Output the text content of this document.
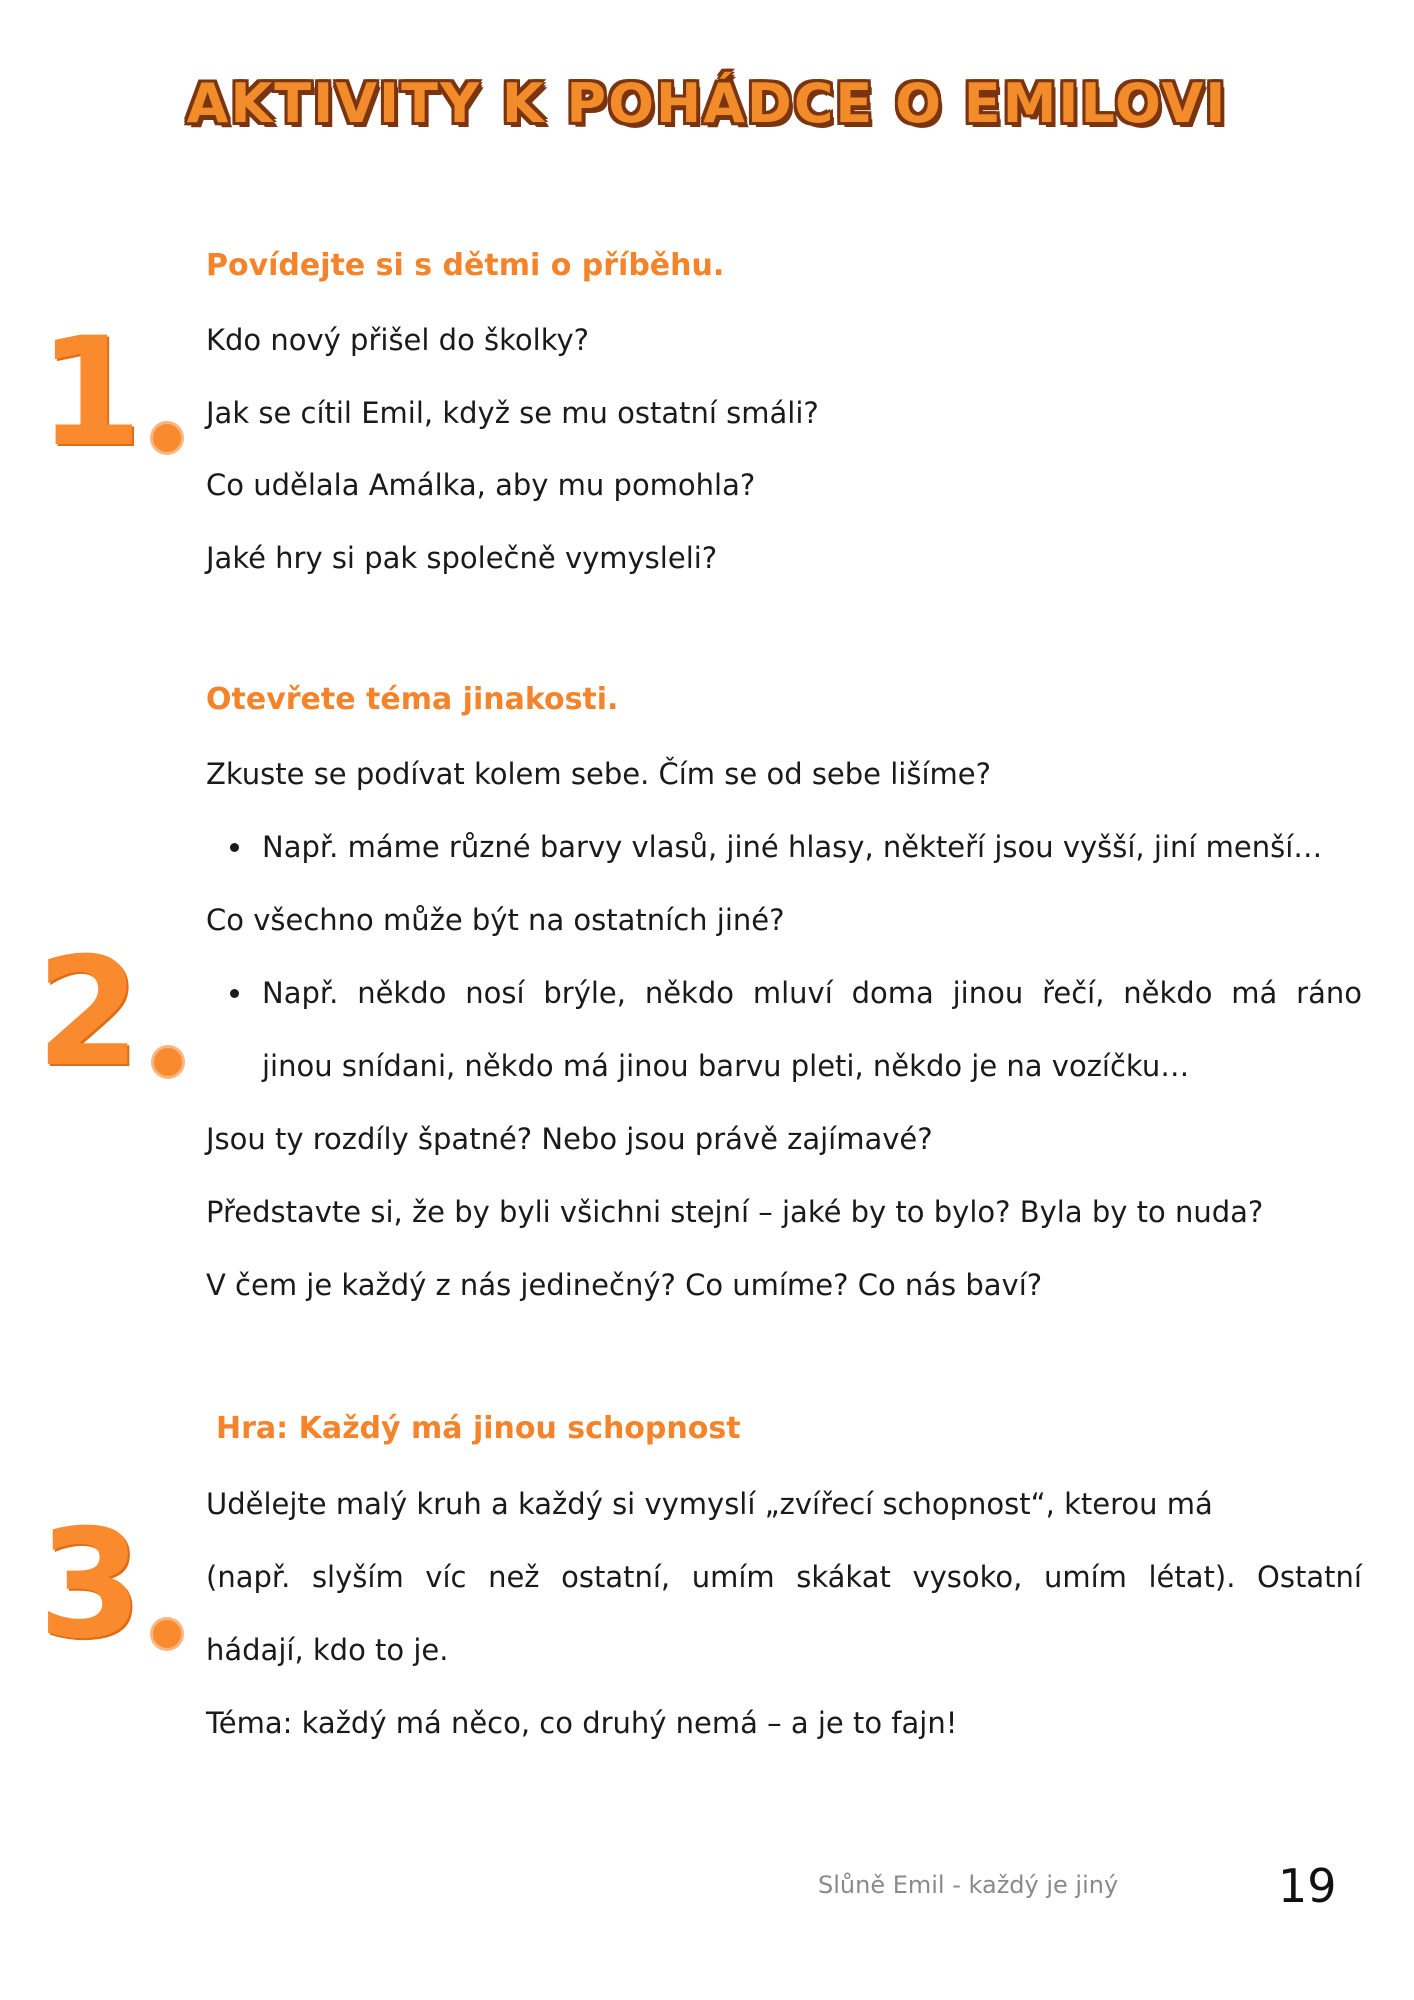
AKTIVITY K POHÁDCE O EMILOVI
1

Povídejte si s dětmi o příběhu.

Kdo nový přišel do školky?

Jak se cítil Emil, když se mu ostatní smáli?

Co udělala Amálka, aby mu pomohla?

Jaké hry si pak společně vymysleli?

2

Otevřete téma jinakosti.

Zkuste se podívat kolem sebe. Čím se od sebe lišíme?

Např. máme různé barvy vlasů, jiné hlasy, někteří jsou vyšší, jiní menší…

Co všechno může být na ostatních jiné?

Např. někdo nosí brýle, někdo mluví doma jinou řečí, někdo má ráno

jinou snídani, někdo má jinou barvu pleti, někdo je na vozíčku…

Jsou ty rozdíly špatné? Nebo jsou právě zajímavé?

Představte si, že by byli všichni stejní – jaké by to bylo? Byla by to nuda?

V čem je každý z nás jedinečný? Co umíme? Co nás baví?

3

Hra: Každý má jinou schopnost

Udělejte malý kruh a každý si vymyslí „zvířecí schopnost“, kterou má

(např. slyším víc než ostatní, umím skákat vysoko, umím létat). Ostatní

hádají, kdo to je.

Téma: každý má něco, co druhý nemá – a je to fajn!

Slůně Emil - každý je jiný	19
